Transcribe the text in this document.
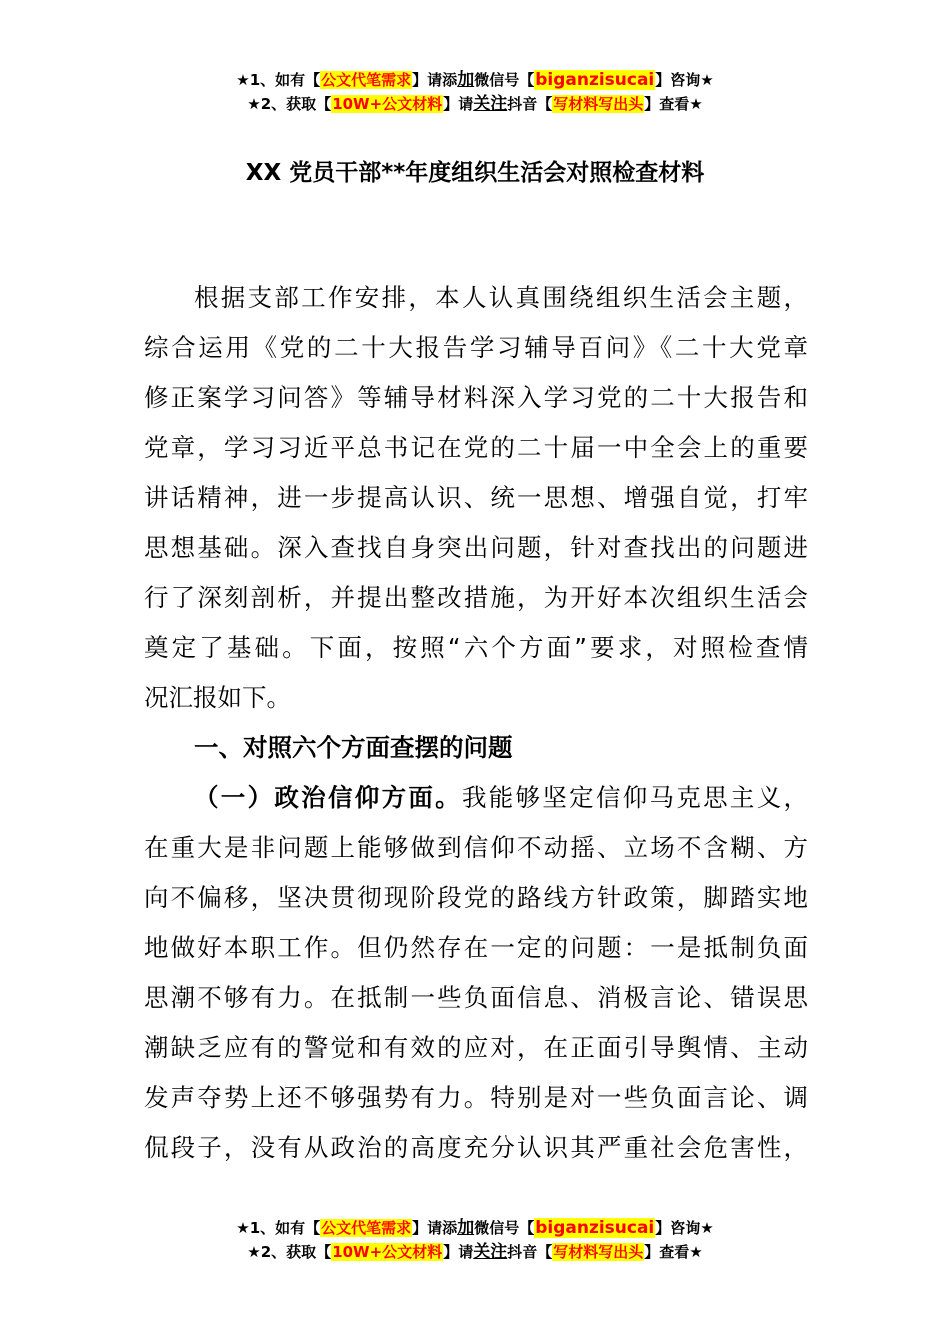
★1、如有【公文代笔需求】请添加微信号【biganzisucai】咨询★
★2、获取【10W+公文材料】请关注抖音【写材料写出头】查看★
XX 党员干部**年度组织生活会对照检查材料
根据支部工作安排，本人认真围绕组织生活会主题，
综合运用《党的二十大报告学习辅导百问》《二十大党章
修正案学习问答》等辅导材料深入学习党的二十大报告和
党章，学习习近平总书记在党的二十届一中全会上的重要
讲话精神，进一步提高认识、统一思想、增强自觉，打牢
思想基础。深入查找自身突出问题，针对查找出的问题进
行了深刻剖析，并提出整改措施，为开好本次组织生活会
奠定了基础。下面，按照“六个方面”要求，对照检查情
况汇报如下。
一、对照六个方面查摆的问题
（一）政治信仰方面。我能够坚定信仰马克思主义，
在重大是非问题上能够做到信仰不动摇、立场不含糊、方
向不偏移，坚决贯彻现阶段党的路线方针政策，脚踏实地
地做好本职工作。但仍然存在一定的问题：一是抵制负面
思潮不够有力。在抵制一些负面信息、消极言论、错误思
潮缺乏应有的警觉和有效的应对，在正面引导舆情、主动
发声夺势上还不够强势有力。特别是对一些负面言论、调
侃段子，没有从政治的高度充分认识其严重社会危害性，
★1、如有【公文代笔需求】请添加微信号【biganzisucai】咨询★
★2、获取【10W+公文材料】请关注抖音【写材料写出头】查看★
